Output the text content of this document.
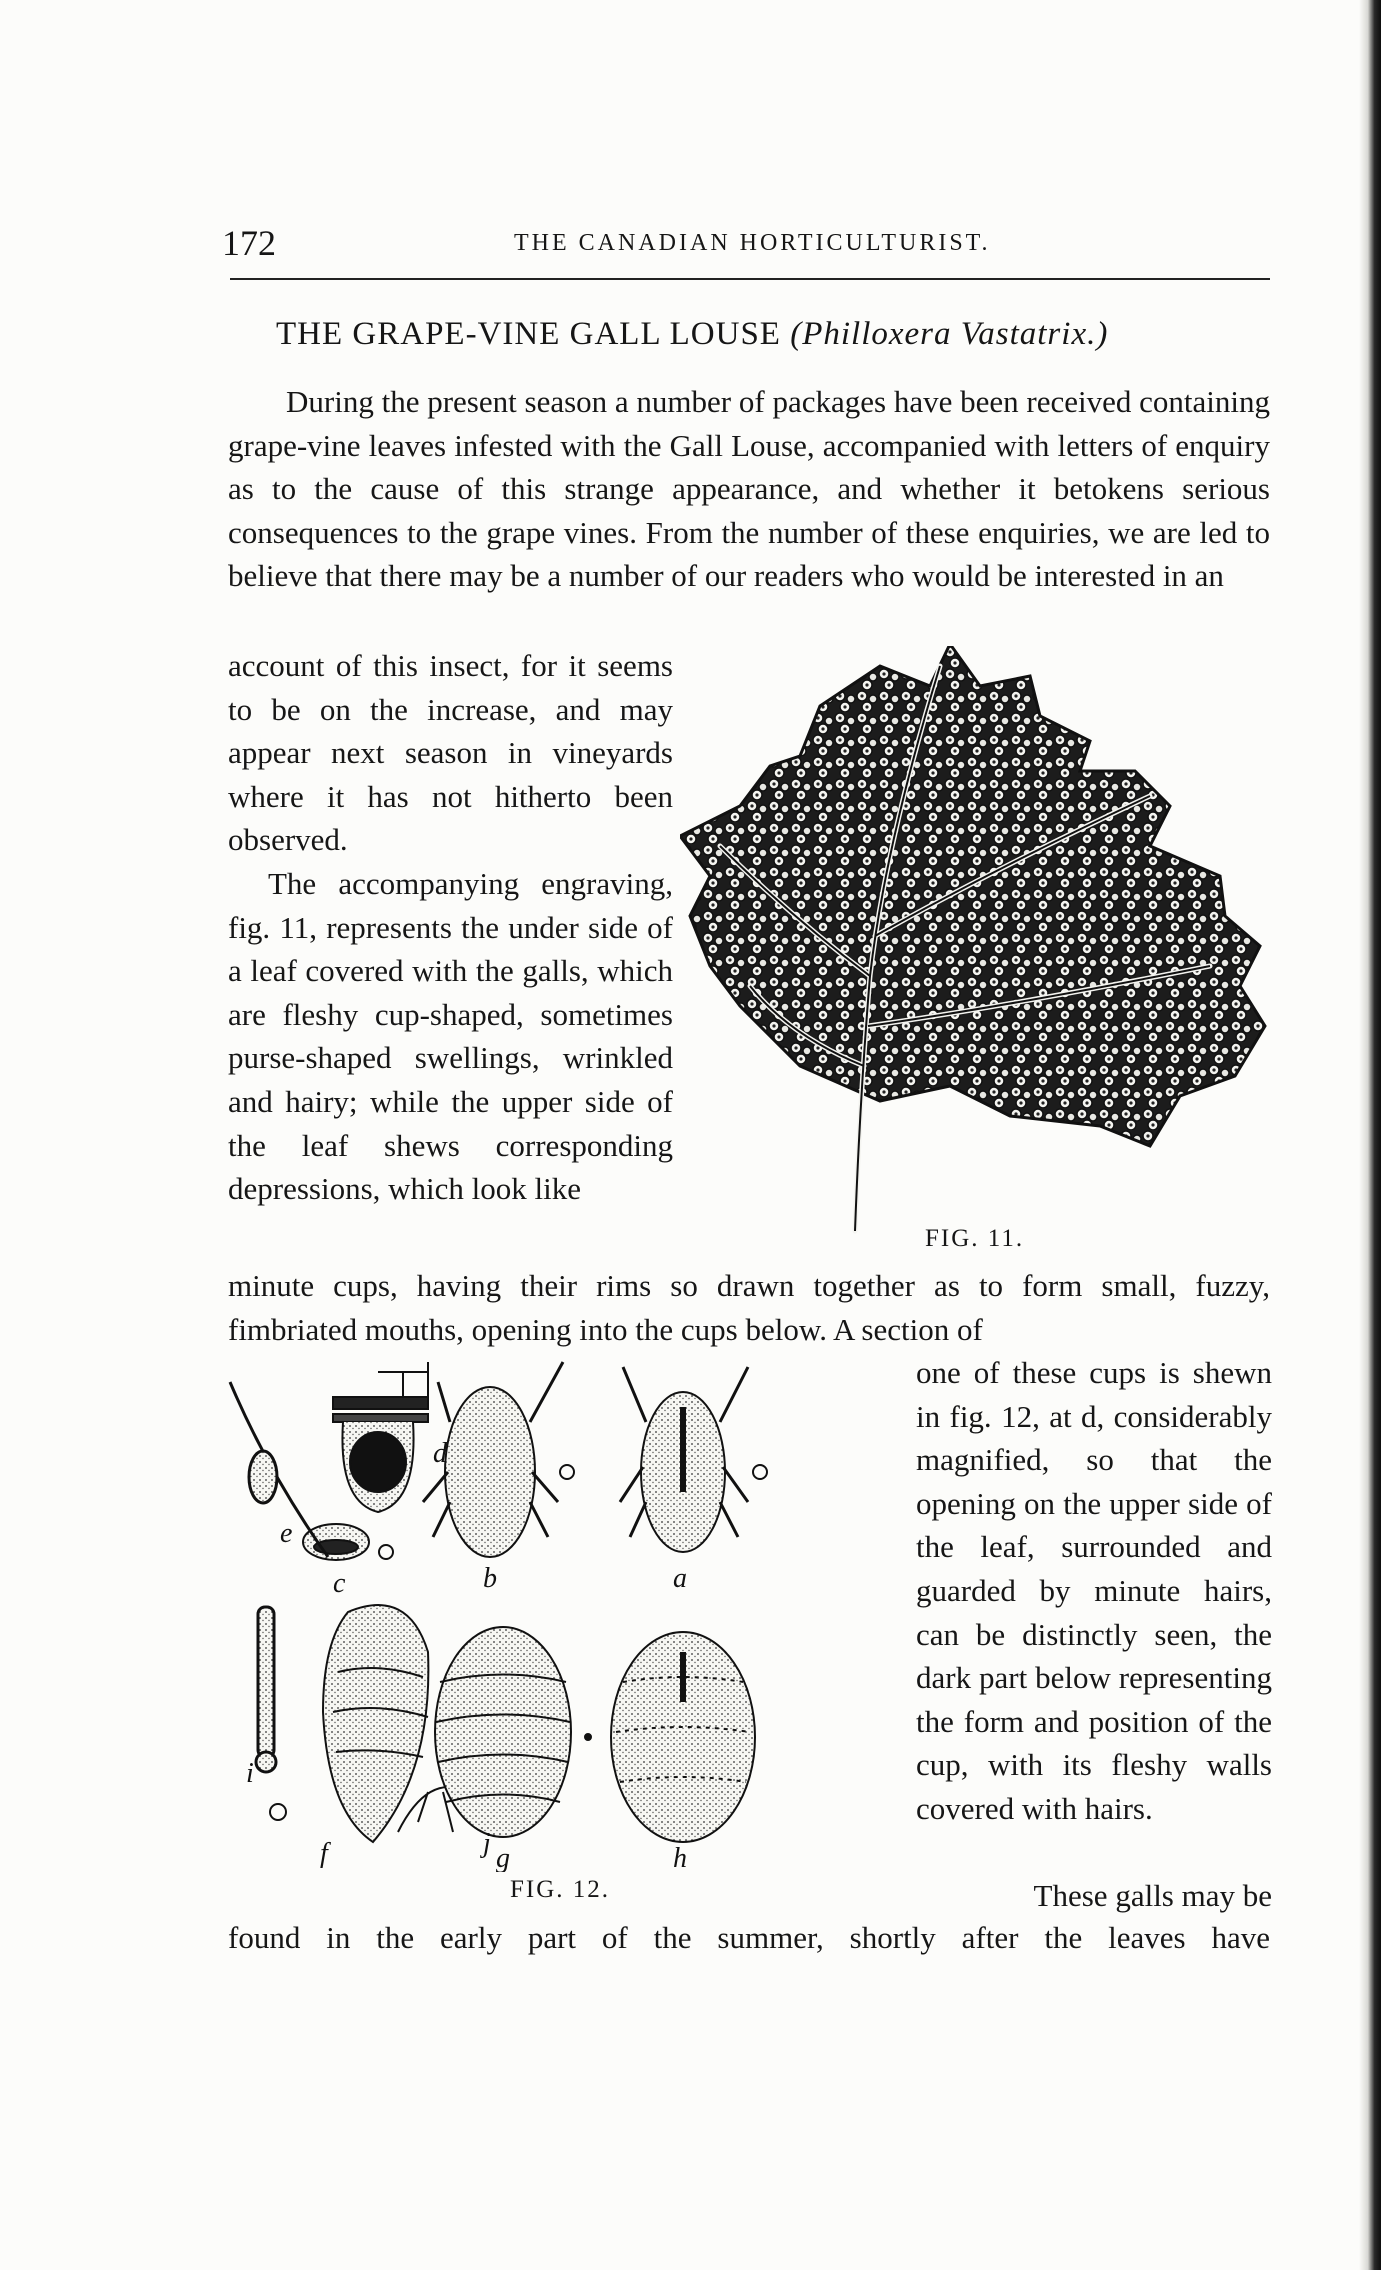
172	THE CANADIAN HORTICULTURIST.
THE GRAPE-VINE GALL LOUSE (Philloxera Vastatrix.)

During the present season a number of packages have been received containing grape-vine leaves infested with the Gall Louse, accompanied with letters of enquiry as to the cause of this strange appearance, and whether it betokens serious consequences to the grape vines. From the number of these enquiries, we are led to believe that there may be a number of our readers who would be interested in an

account of this insect, for it seems to be on the increase, and may appear next season in vineyards where it has not hitherto been observed.

The accompanying engraving, fig. 11, represents the under side of a leaf covered with the galls, which are fleshy cup-shaped, sometimes purse-shaped swellings, wrinkled and hairy; while the upper side of the leaf shews corresponding depressions, which look like

FIG. 11.
minute cups, having their rims so drawn together as to form small, fuzzy, fimbriated mouths, opening into the cups below. A section of
d
e
c	b	a
i
f	j g	h

one of these cups is shewn in fig. 12, at d, considerably magnified, so that the opening on the upper side of the leaf, surrounded and guarded by minute hairs, can be distinctly seen, the dark part below representing the form and position of the cup, with its fleshy walls covered with hairs.

FIG. 12.	These galls may be
found in the early part of the summer, shortly after the leaves have
